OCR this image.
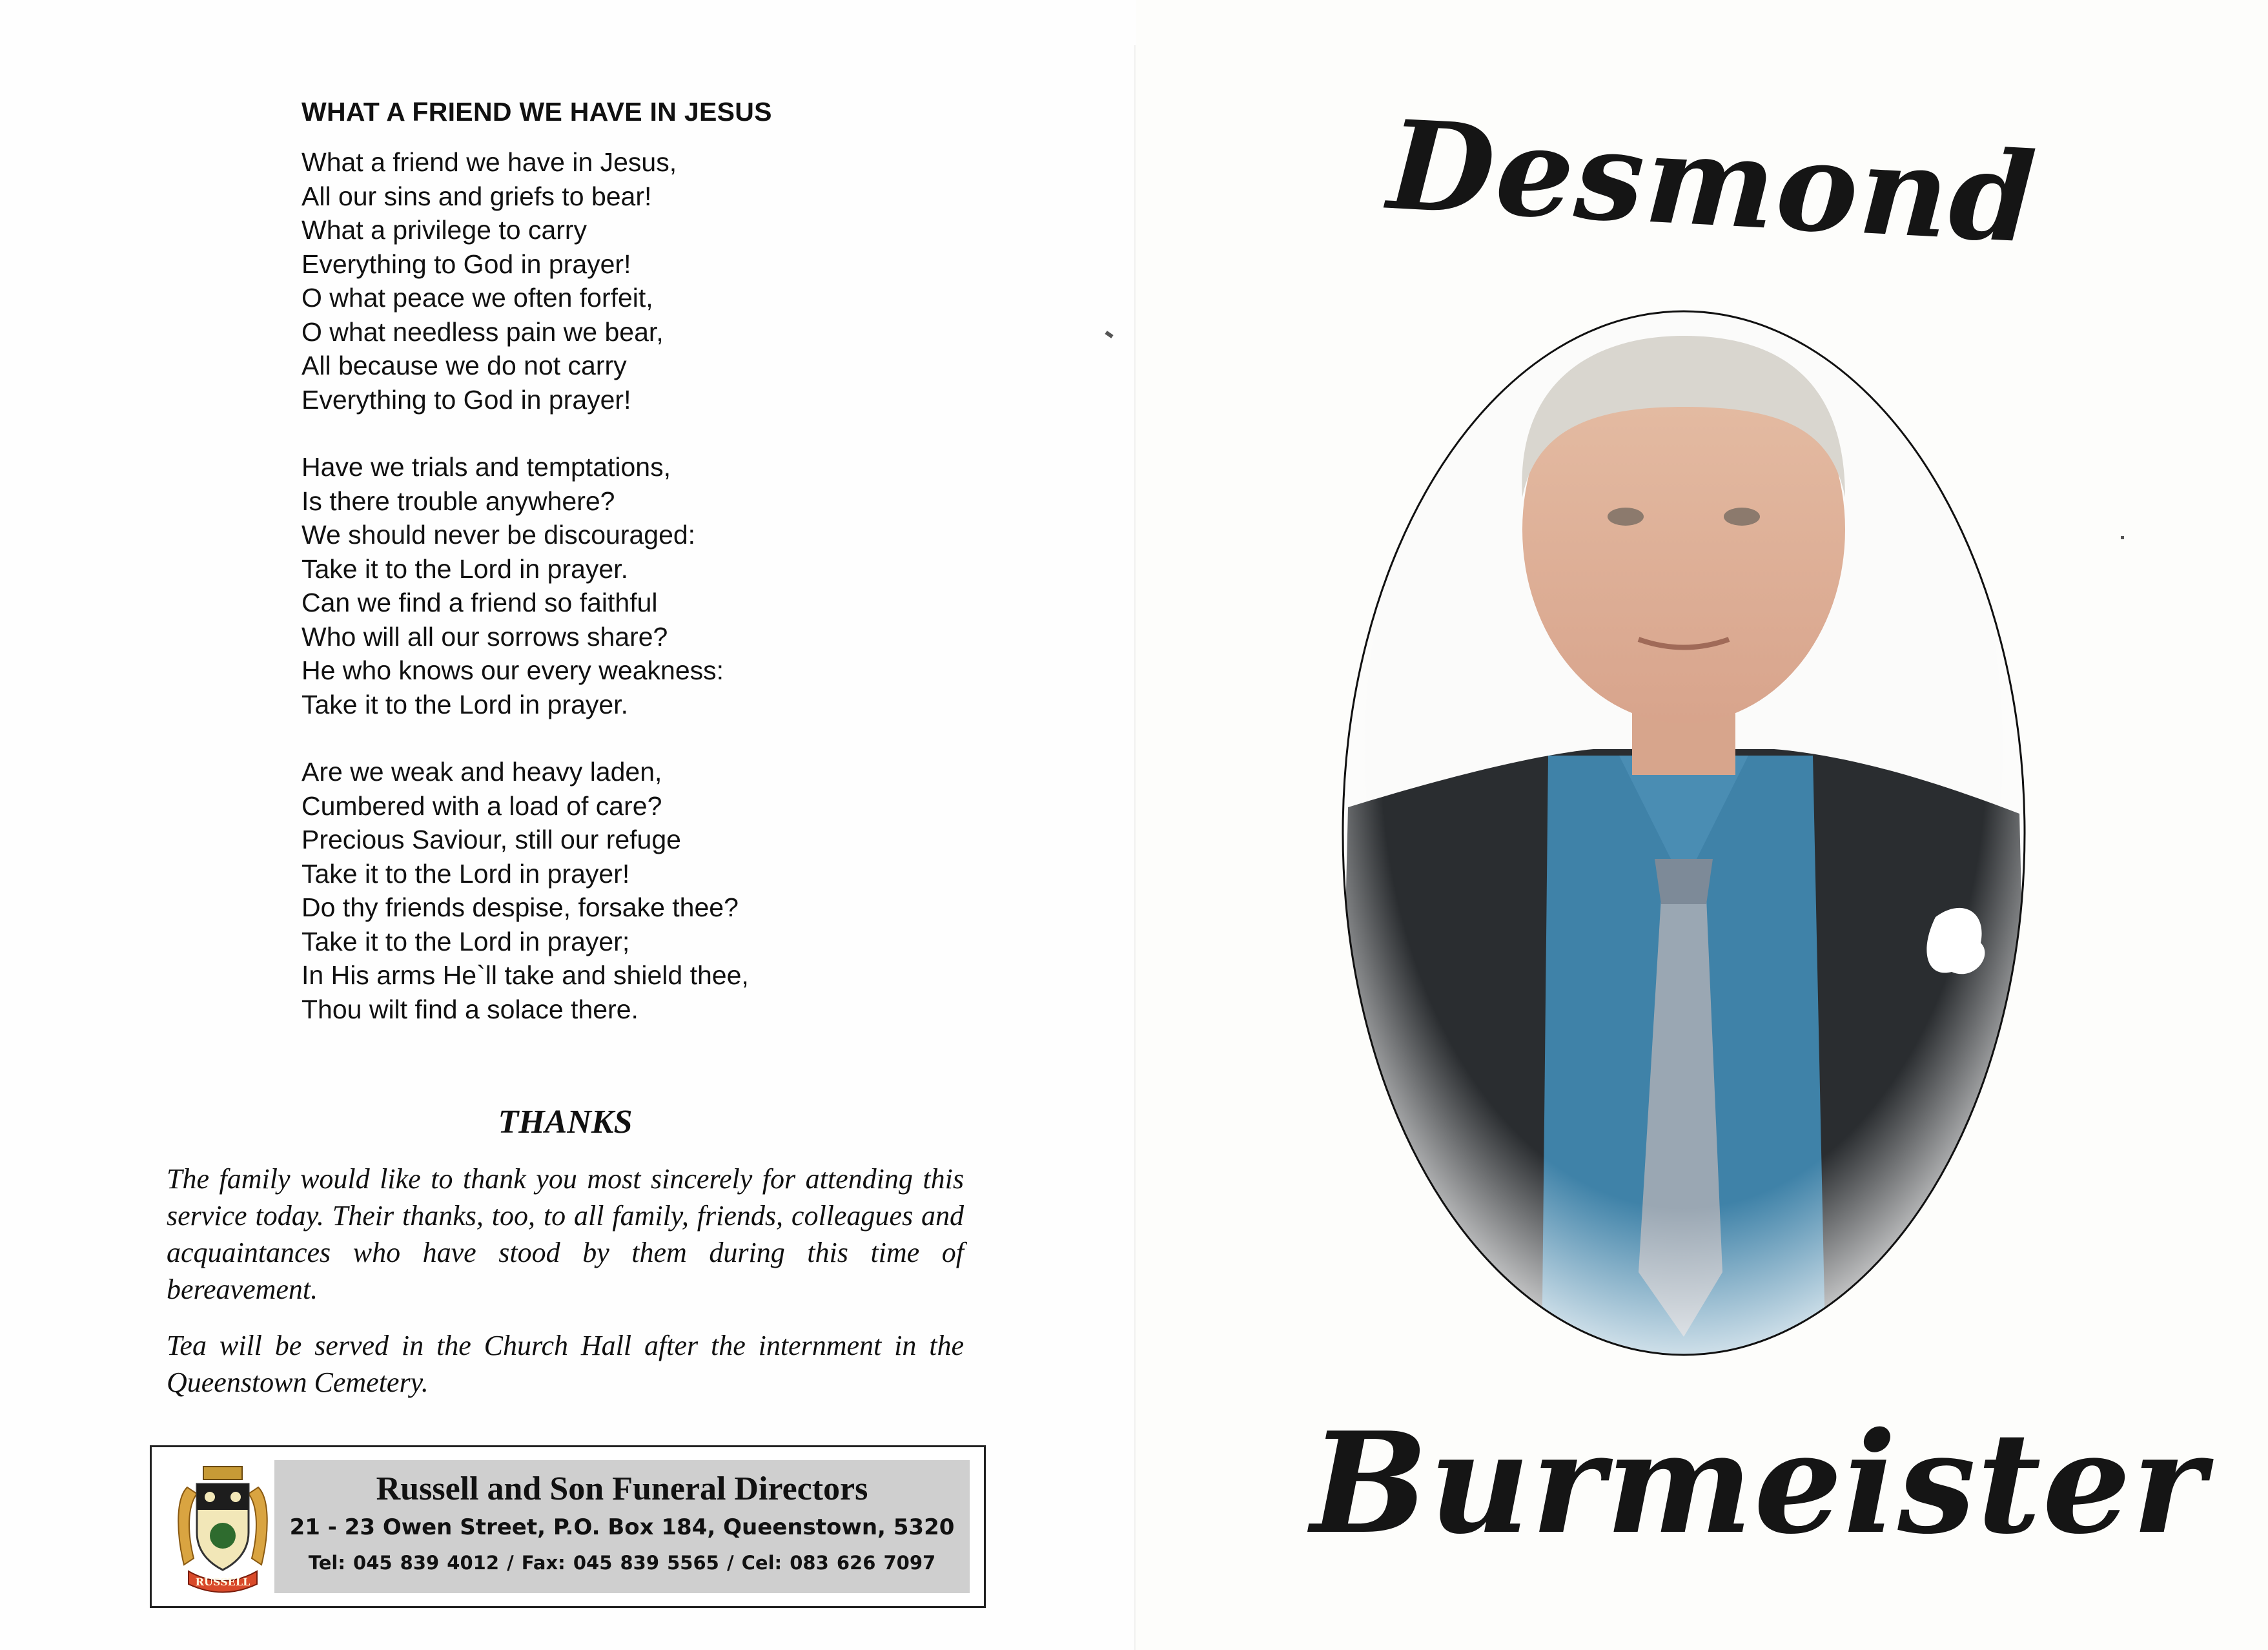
WHAT A FRIEND WE HAVE IN JESUS
What a friend we have in Jesus,
All our sins and griefs to bear!
What a privilege to carry
Everything to God in prayer!
O what peace we often forfeit,
O what needless pain we bear,
All because we do not carry
Everything to God in prayer!
Have we trials and temptations,
Is there trouble anywhere?
We should never be discouraged:
Take it to the Lord in prayer.
Can we find a friend so faithful
Who will all our sorrows share?
He who knows our every weakness:
Take it to the Lord in prayer.
Are we weak and heavy laden,
Cumbered with a load of care?
Precious Saviour, still our refuge
Take it to the Lord in prayer!
Do thy friends despise, forsake thee?
Take it to the Lord in prayer;
In His arms He`ll take and shield thee,
Thou wilt find a solace there.
THANKS
The family would like to thank you most sincerely for attending this service today. Their thanks, too, to all family, friends, colleagues and acquaintances who have stood by them during this time of bereavement.
Tea will be served in the Church Hall after the internment in the Queenstown Cemetery.
RUSSELL
Russell and Son Funeral Directors
21 - 23 Owen Street, P.O. Box 184, Queenstown, 5320
Tel: 045 839 4012 / Fax: 045 839 5565 / Cel: 083 626 7097
Desmond
Burmeister
